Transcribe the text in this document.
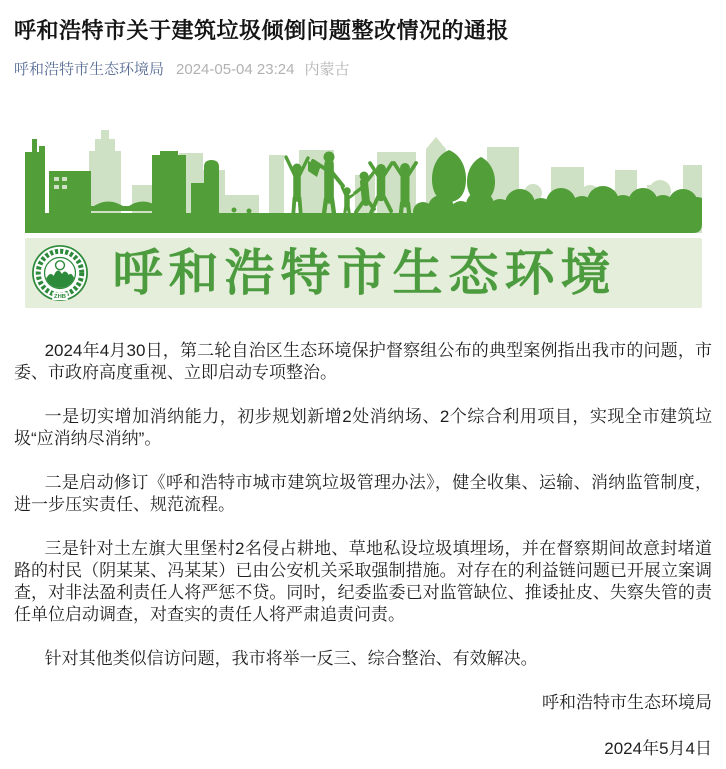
呼和浩特市关于建筑垃圾倾倒问题整改情况的通报
呼和浩特市生态环境局 2024-05-04 23:24 内蒙古
ZHB 呼和浩特市生态环境

2024年4月30日，第二轮自治区生态环境保护督察组公布的典型案例指出我市的问题，市委、市政府高度重视、立即启动专项整治。

一是切实增加消纳能力，初步规划新增2处消纳场、2个综合利用项目，实现全市建筑垃圾“应消纳尽消纳”。

二是启动修订《呼和浩特市城市建筑垃圾管理办法》，健全收集、运输、消纳监管制度，进一步压实责任、规范流程。

三是针对土左旗大里堡村2名侵占耕地、草地私设垃圾填埋场，并在督察期间故意封堵道路的村民（阴某某、冯某某）已由公安机关采取强制措施。对存在的利益链问题已开展立案调查，对非法盈利责任人将严惩不贷。同时，纪委监委已对监管缺位、推诿扯皮、失察失管的责任单位启动调查，对查实的责任人将严肃追责问责。

针对其他类似信访问题，我市将举一反三、综合整治、有效解决。

呼和浩特市生态环境局

2024年5月4日
